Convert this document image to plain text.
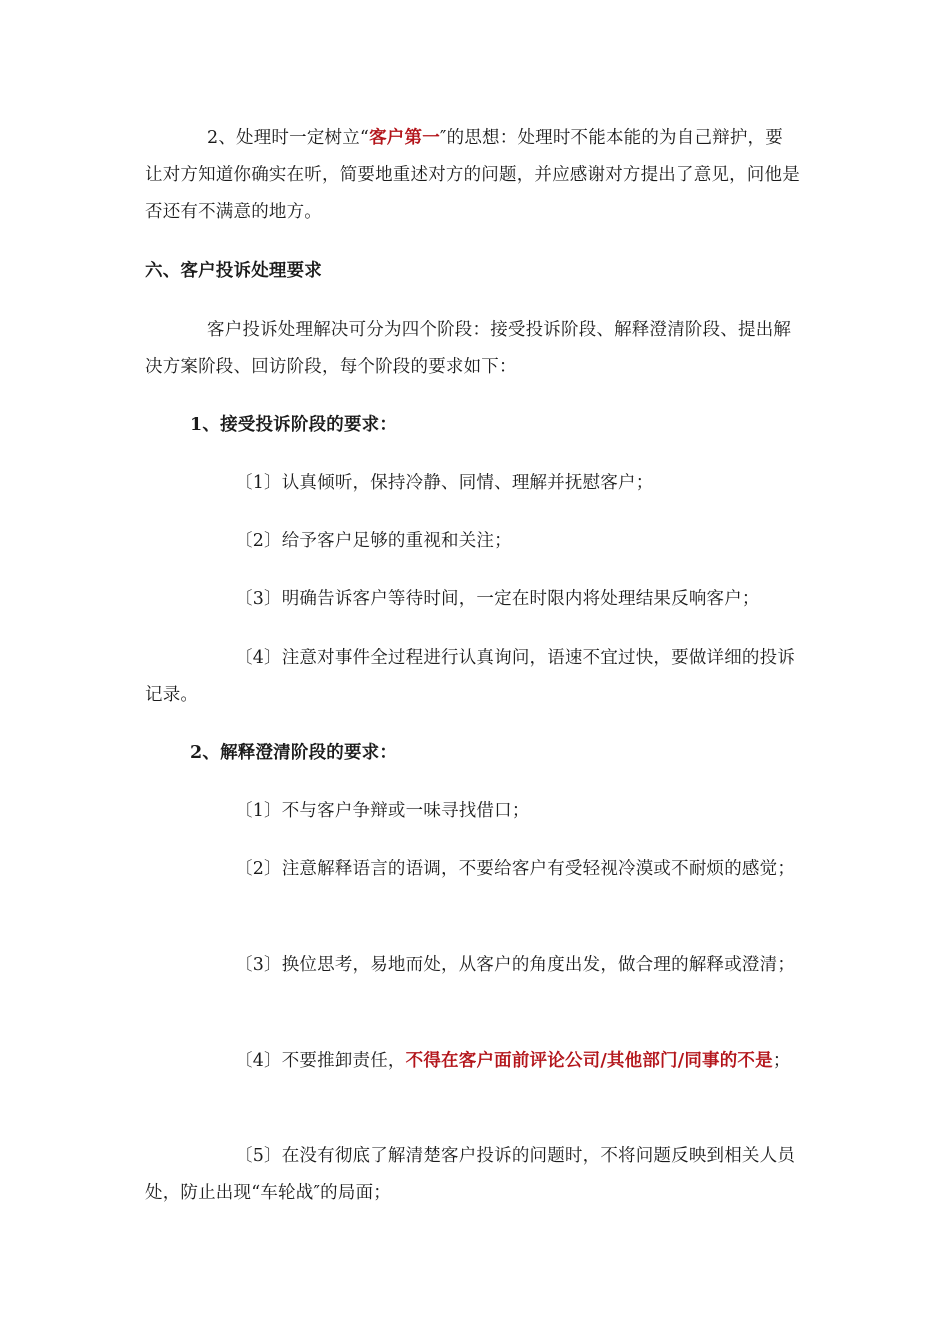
2、处理时一定树立“客户第一″的思想：处理时不能本能的为自己辩护，要让对方知道你确实在听，简要地重述对方的问题，并应感谢对方提出了意见，问他是否还有不满意的地方。

六、客户投诉处理要求

客户投诉处理解决可分为四个阶段：接受投诉阶段、解释澄清阶段、提出解决方案阶段、回访阶段，每个阶段的要求如下：

1、接受投诉阶段的要求：

〔1〕认真倾听，保持冷静、同情、理解并抚慰客户；

〔2〕给予客户足够的重视和关注；

〔3〕明确告诉客户等待时间，一定在时限内将处理结果反响客户；

〔4〕注意对事件全过程进行认真询问，语速不宜过快，要做详细的投诉记录。

2、解释澄清阶段的要求：

〔1〕不与客户争辩或一味寻找借口；

〔2〕注意解释语言的语调，不要给客户有受轻视冷漠或不耐烦的感觉；

〔3〕换位思考，易地而处，从客户的角度出发，做合理的解释或澄清；

〔4〕不要推卸责任，不得在客户面前评论公司/其他部门/同事的不是；

〔5〕在没有彻底了解清楚客户投诉的问题时，不将问题反映到相关人员处，防止出现“车轮战″的局面；
